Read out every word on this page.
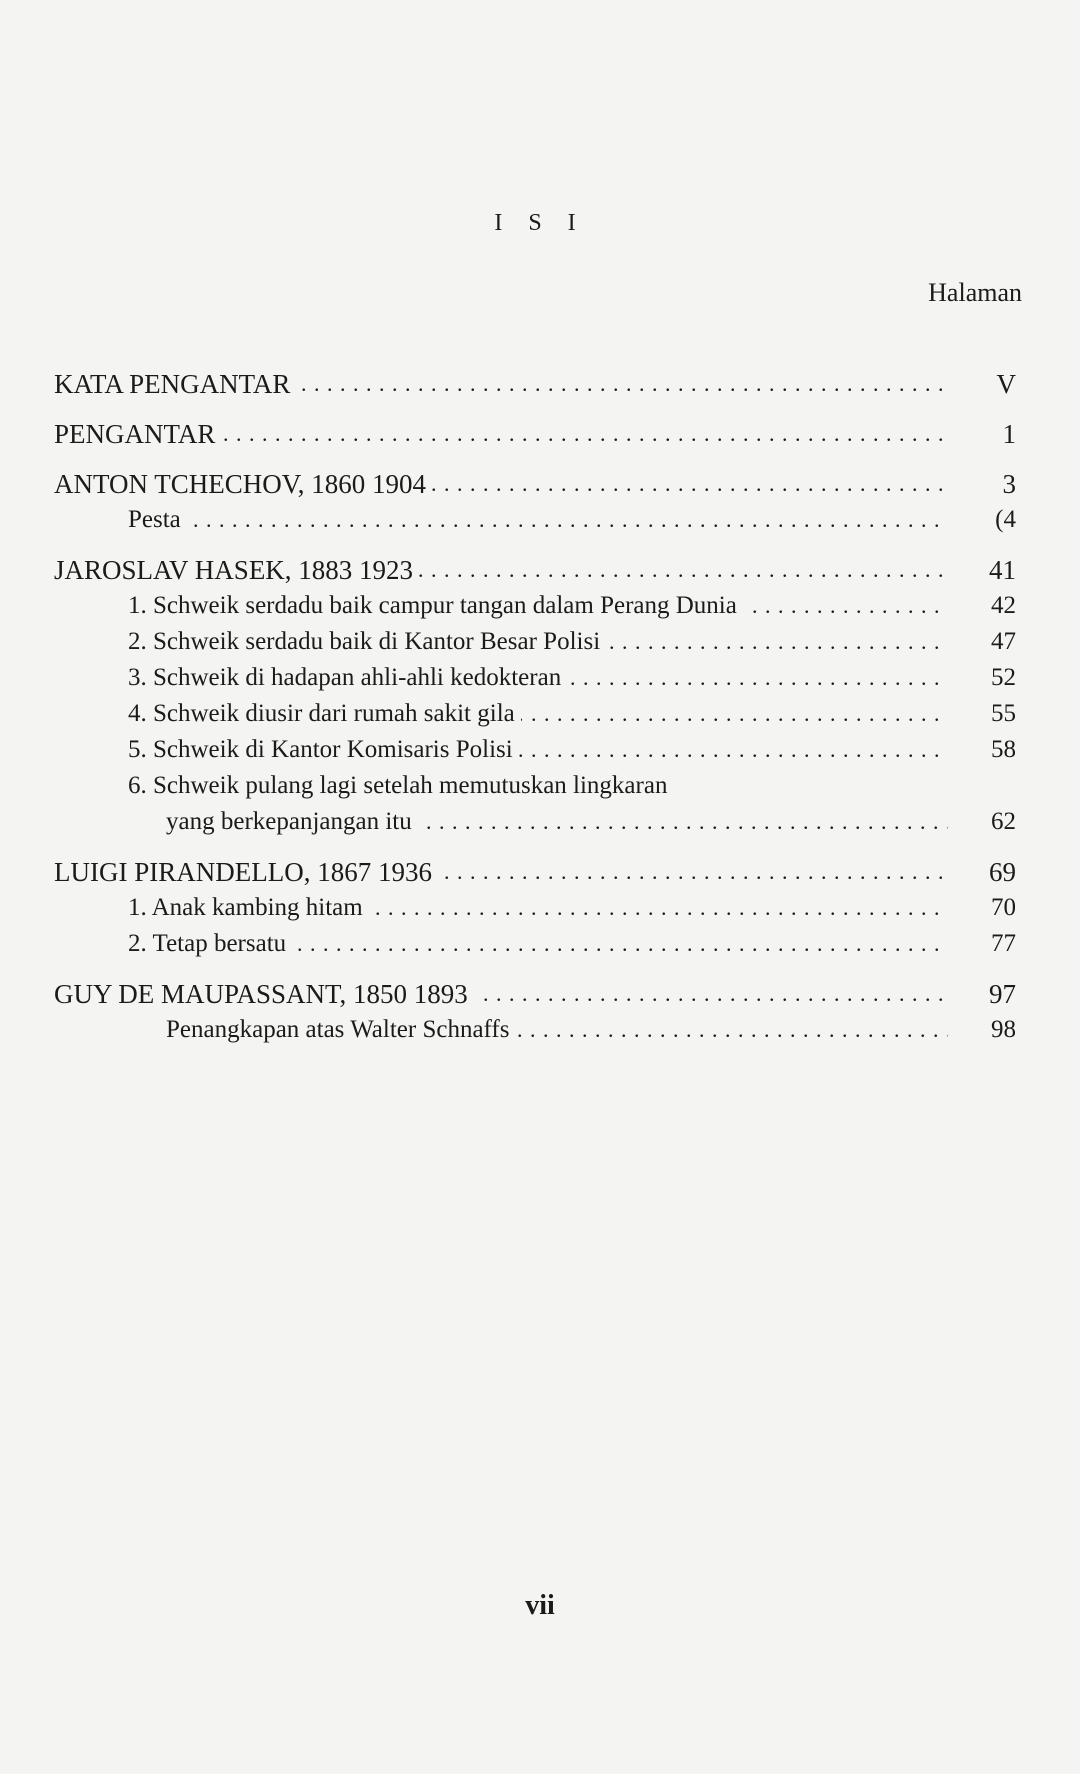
I S I
Halaman
KATA PENGANTAR . . .	V
PENGANTAR . . .	1
ANTON TCHECHOV, 1860 1904 . . .	3
Pesta . . .	(4
JAROSLAV HASEK, 1883 1923 . . .	41
1. Schweik serdadu baik campur tangan dalam Perang Dunia . . .	42
2. Schweik serdadu baik di Kantor Besar Polisi . . .	47
3. Schweik di hadapan ahli-ahli kedokteran . . .	52
4. Schweik diusir dari rumah sakit gila . . .	55
5. Schweik di Kantor Komisaris Polisi . . .	58
6. Schweik pulang lagi setelah memutuskan lingkaran
yang berkepanjangan itu . . .	62
LUIGI PIRANDELLO, 1867 1936 . . .	69
1. Anak kambing hitam . . .	70
2. Tetap bersatu . . .	77
GUY DE MAUPASSANT, 1850 1893 . . .	97
Penangkapan atas Walter Schnaffs . . .	98
vii
